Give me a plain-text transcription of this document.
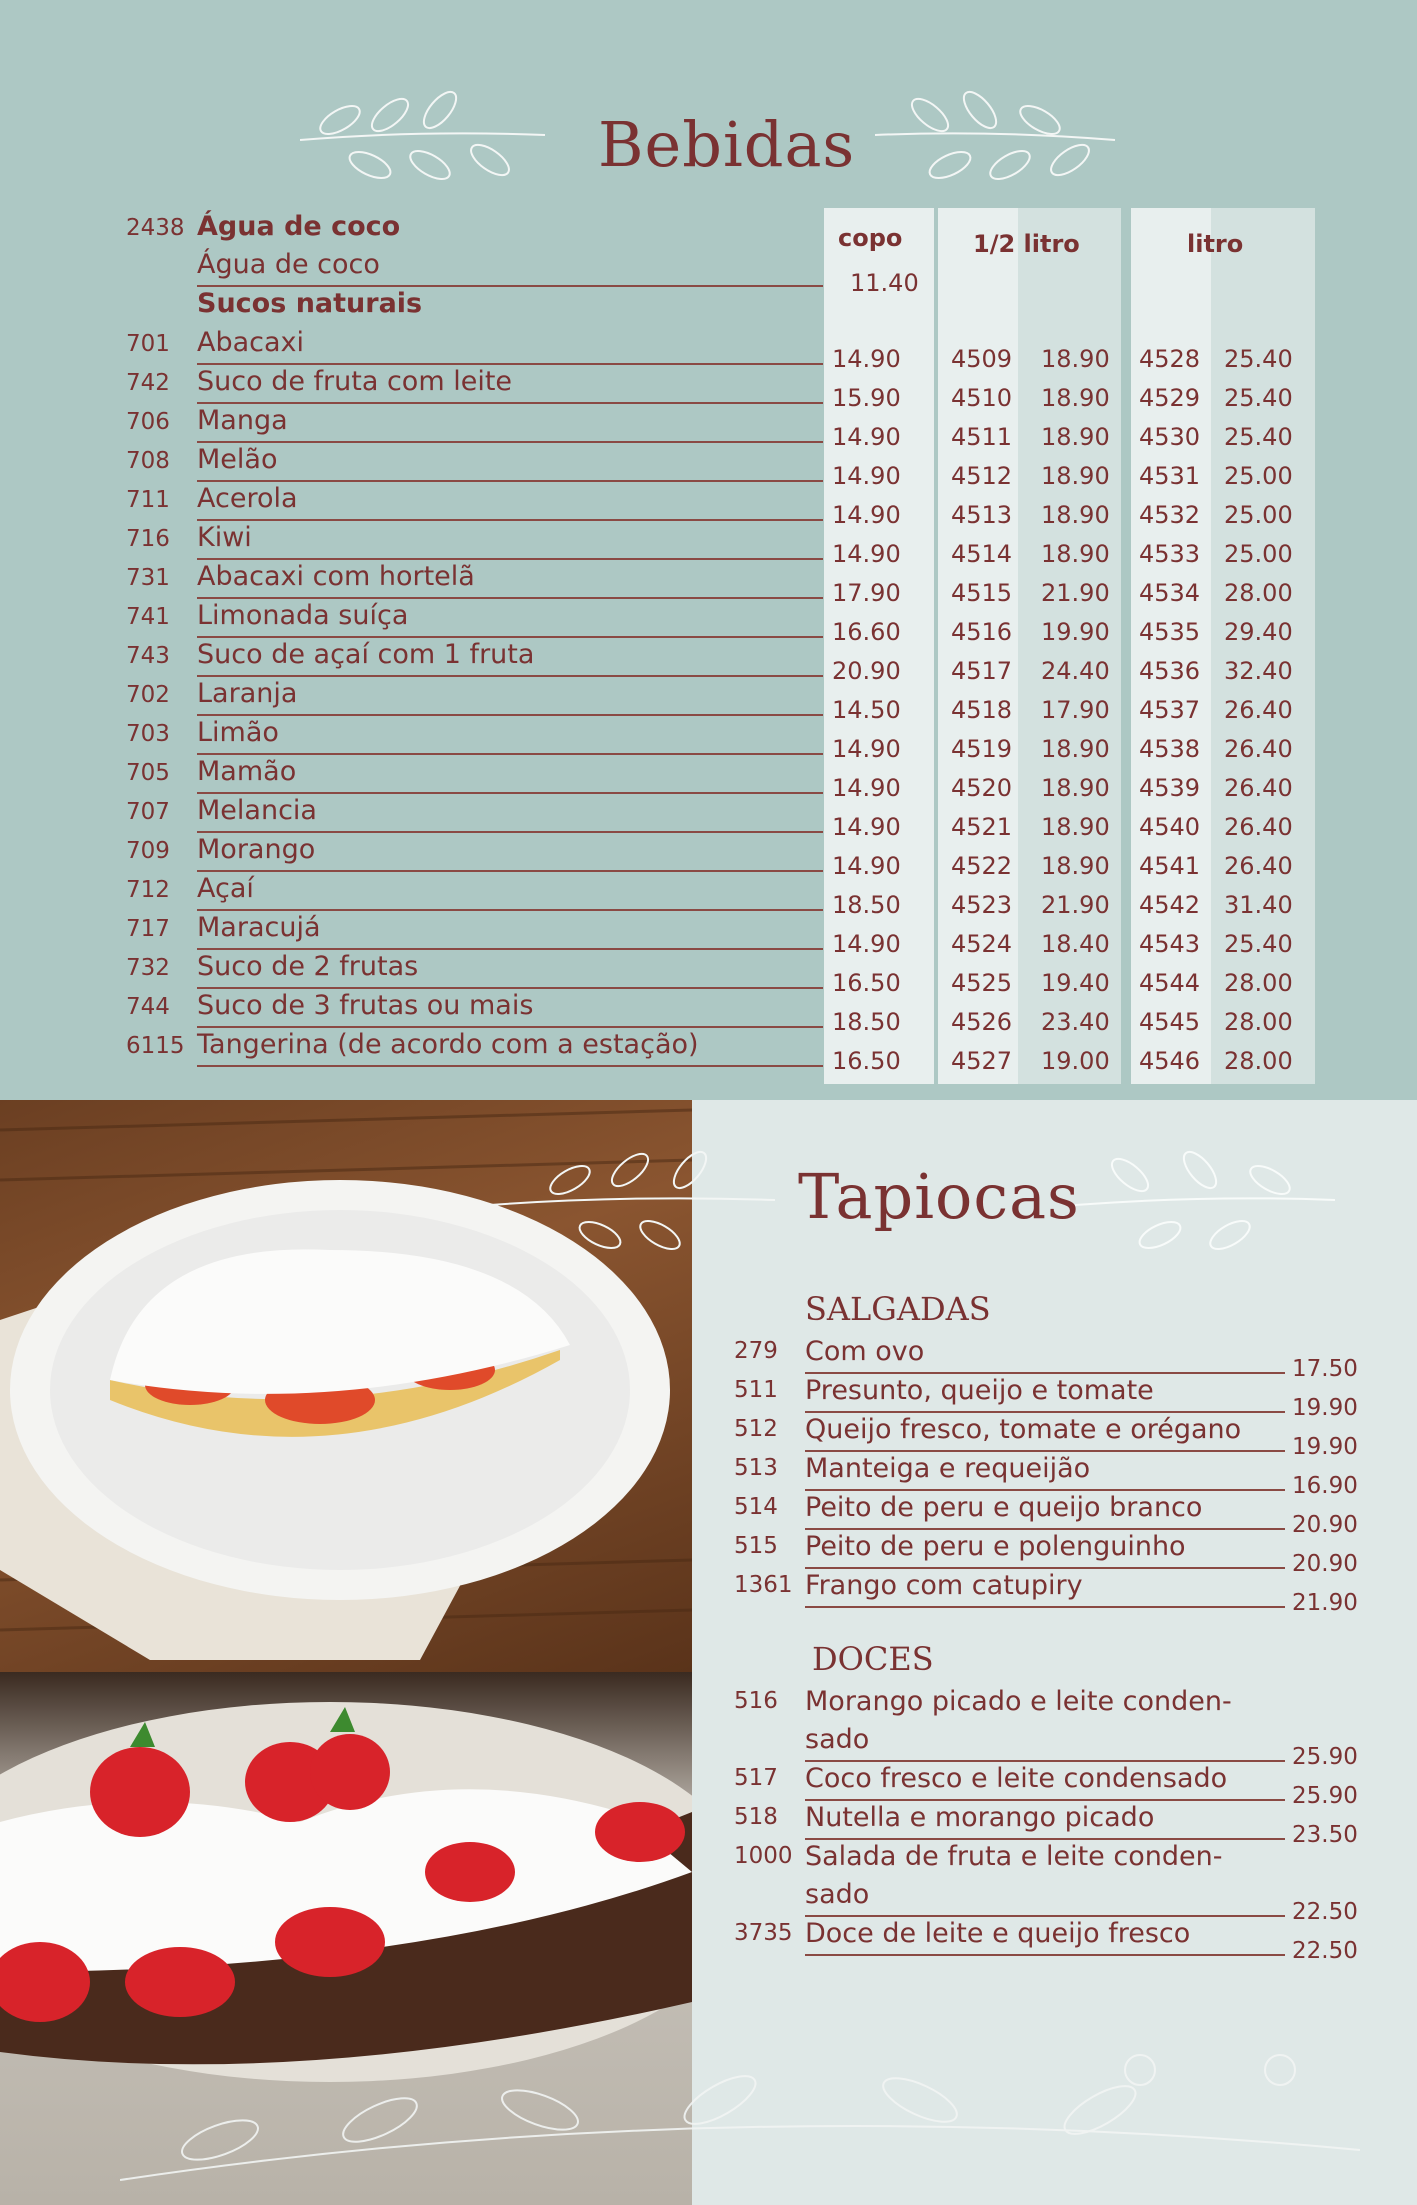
Bebidas
copo	1/2 litro	litro
2438 Água de coco
Água de coco
11.40
Sucos naturais
701 Abacaxi
14.90 4509 18.90 4528 25.40
742 Suco de fruta com leite
15.90 4510 18.90 4529 25.40
706 Manga
14.90 4511 18.90 4530 25.40
708 Melão
14.90 4512 18.90 4531 25.00
711 Acerola
14.90 4513 18.90 4532 25.00
716 Kiwi
14.90 4514 18.90 4533 25.00
731 Abacaxi com hortelã
17.90 4515 21.90 4534 28.00
741 Limonada suíça
16.60 4516 19.90 4535 29.40
743 Suco de açaí com 1 fruta
20.90 4517 24.40 4536 32.40
702 Laranja
14.50 4518 17.90 4537 26.40
703 Limão
14.90 4519 18.90 4538 26.40
705 Mamão
14.90 4520 18.90 4539 26.40
707 Melancia
14.90 4521 18.90 4540 26.40
709 Morango
14.90 4522 18.90 4541 26.40
712 Açaí
18.50 4523 21.90 4542 31.40
717 Maracujá
14.90 4524 18.40 4543 25.40
732 Suco de 2 frutas
16.50 4525 19.40 4544 28.00
744 Suco de 3 frutas ou mais
18.50 4526 23.40 4545 28.00
6115 Tangerina (de acordo com a estação)
16.50 4527 19.00 4546 28.00
Tapiocas
SALGADAS
279 Com ovo
17.50
511 Presunto, queijo e tomate
19.90
512 Queijo fresco, tomate e orégano
19.90
513 Manteiga e requeijão
16.90
514 Peito de peru e queijo branco
20.90
515 Peito de peru e polenguinho
20.90
1361 Frango com catupiry
21.90
DOCES
516 Morango picado e leite conden-
sado
25.90
517 Coco fresco e leite condensado
25.90
518 Nutella e morango picado
23.50
1000 Salada de fruta e leite conden-
sado
22.50
3735 Doce de leite e queijo fresco
22.50
